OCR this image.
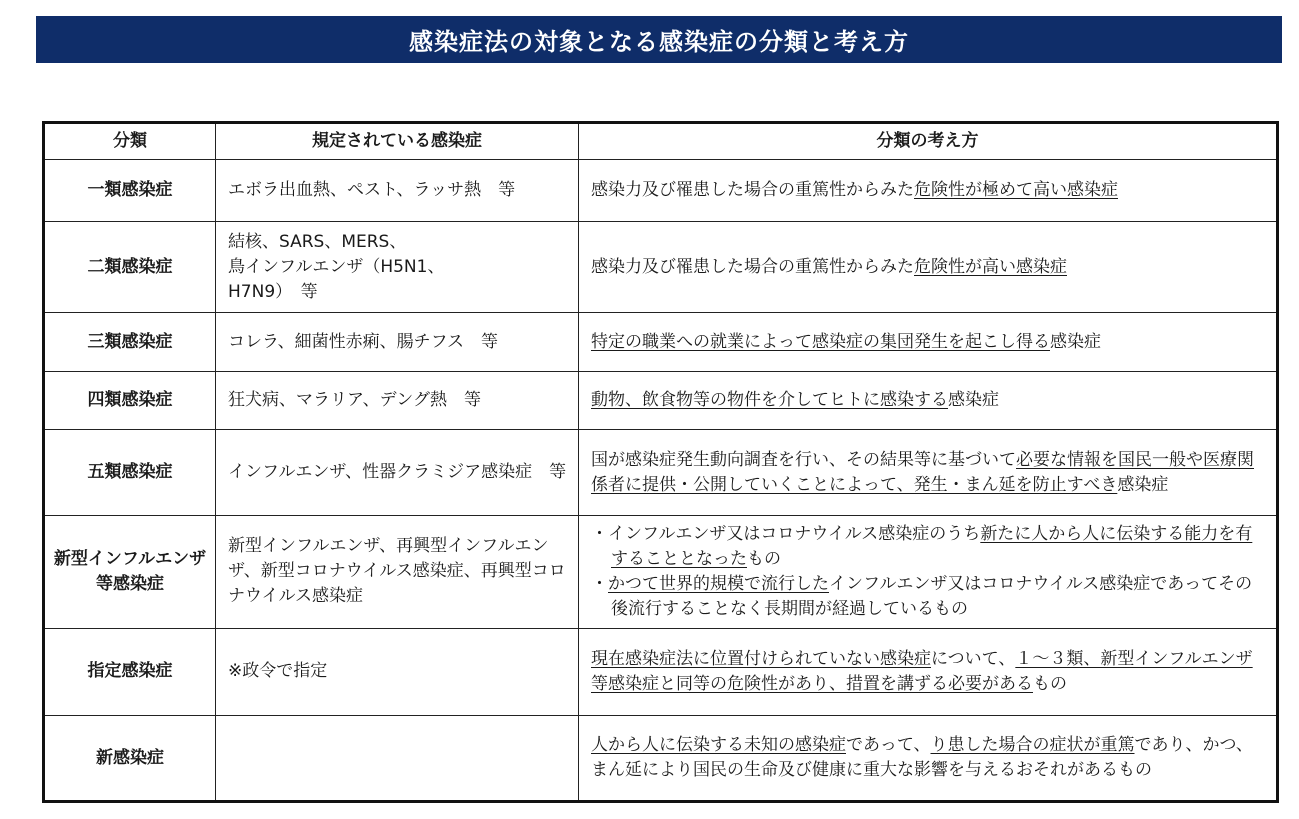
感染症法の対象となる感染症の分類と考え方
分類	規定されている感染症	分類の考え方
一類感染症	エボラ出血熱、ペスト、ラッサ熱　等	感染力及び罹患した場合の重篤性からみた危険性が極めて高い感染症
二類感染症	結核、SARS、MERS、
鳥インフルエンザ（H5N1、
H7N9）　等	感染力及び罹患した場合の重篤性からみた危険性が高い感染症
三類感染症	コレラ、細菌性赤痢、腸チフス　等	特定の職業への就業によって感染症の集団発生を起こし得る感染症
四類感染症	狂犬病、マラリア、デング熱　等	動物、飲食物等の物件を介してヒトに感染する感染症
五類感染症	インフルエンザ、性器クラミジア感染症　等	国が感染症発生動向調査を行い、その結果等に基づいて必要な情報を国民一般や医療関係者に提供・公開していくことによって、発生・まん延を防止すべき感染症
新型インフルエンザ等感染症	新型インフルエンザ、再興型インフルエンザ、新型コロナウイルス感染症、再興型コロナウイルス感染症	・インフルエンザ又はコロナウイルス感染症のうち新たに人から人に伝染する能力を有することとなったもの
・かつて世界的規模で流行したインフルエンザ又はコロナウイルス感染症であってその後流行することなく長期間が経過しているもの

指定感染症	※政令で指定	現在感染症法に位置付けられていない感染症について、１～３類、新型インフルエンザ等感染症と同等の危険性があり、措置を講ずる必要があるもの
新感染症		人から人に伝染する未知の感染症であって、り患した場合の症状が重篤であり、かつ、まん延により国民の生命及び健康に重大な影響を与えるおそれがあるもの
